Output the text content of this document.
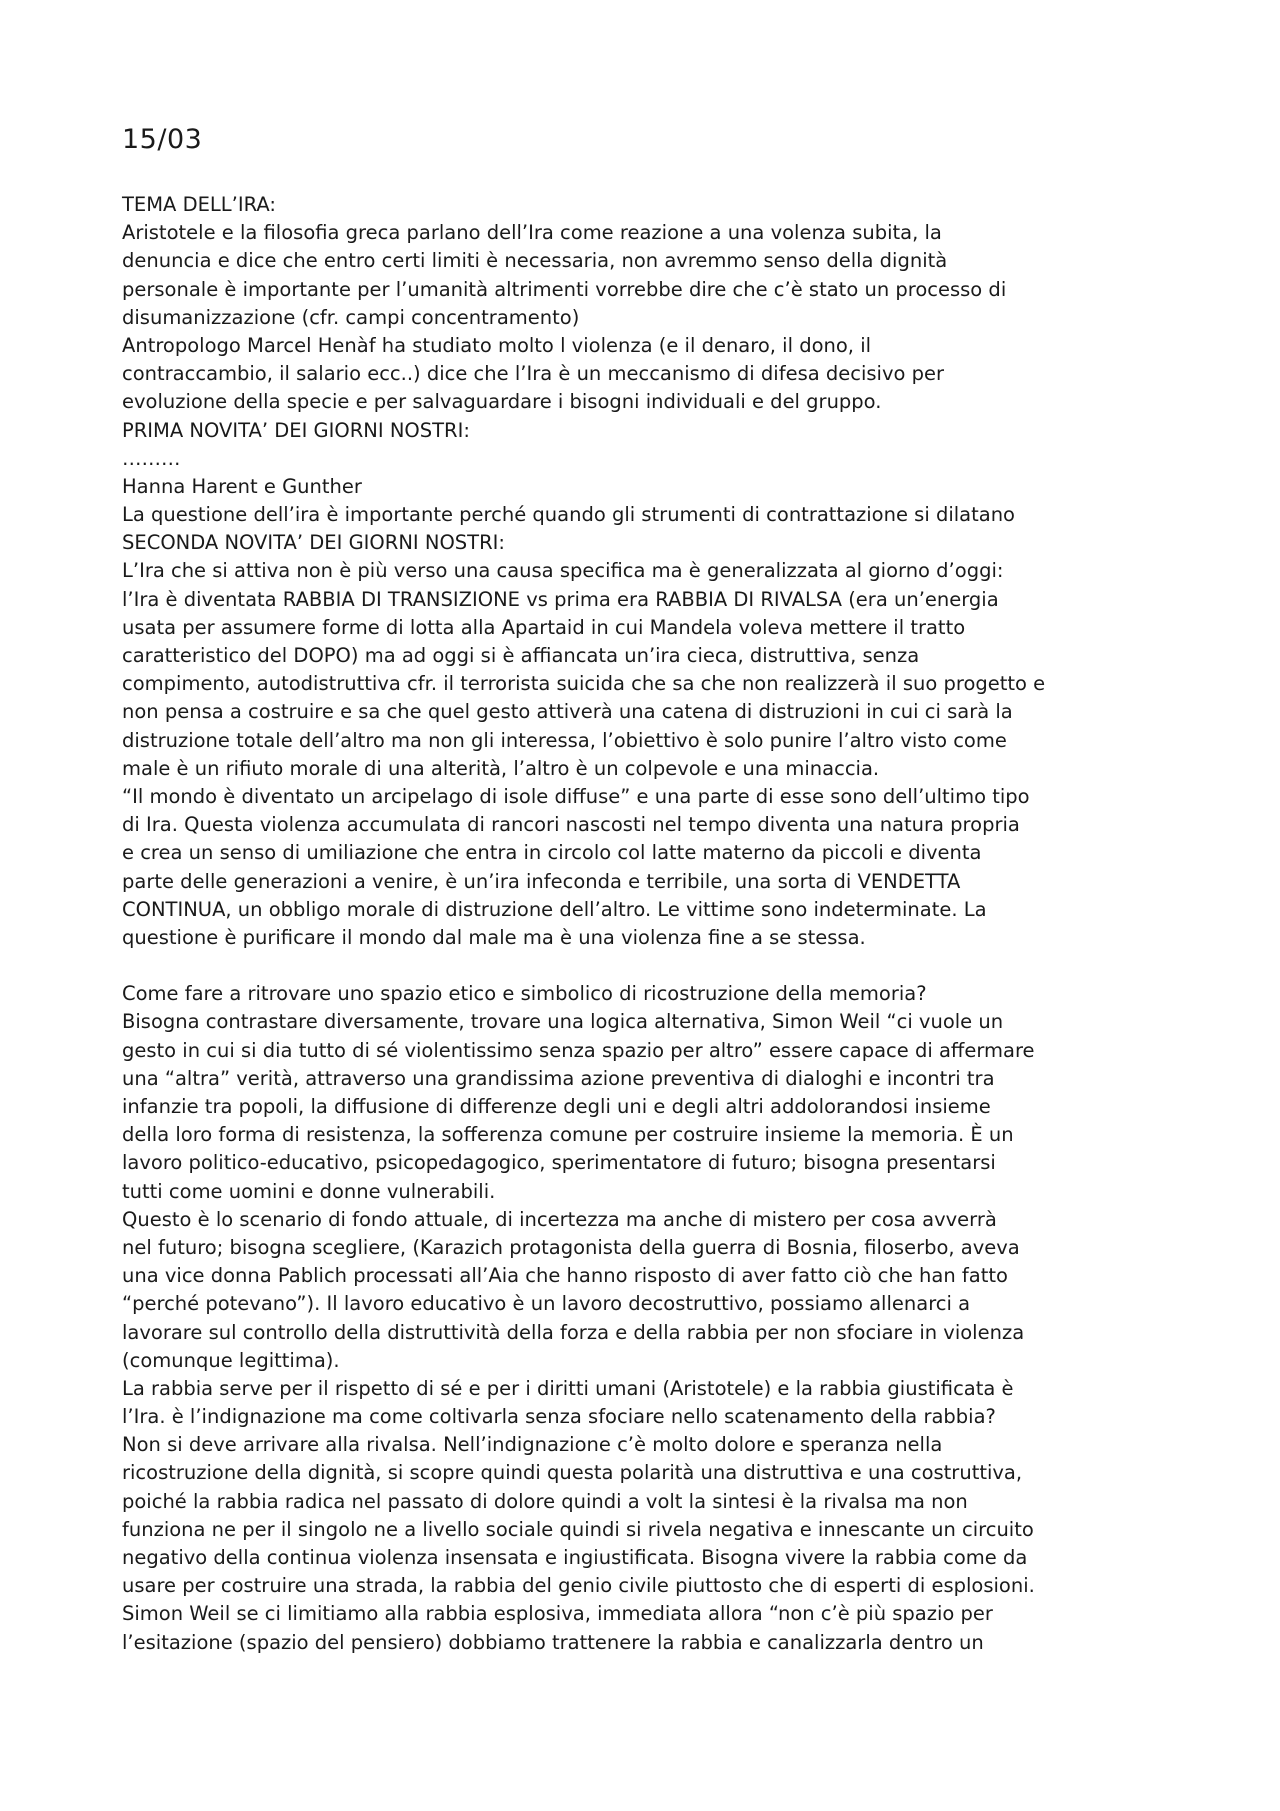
15/03
TEMA DELL’IRA:
Aristotele e la filosofia greca parlano dell’Ira come reazione a una volenza subita, la
denuncia e dice che entro certi limiti è necessaria, non avremmo senso della dignità
personale è importante per l’umanità altrimenti vorrebbe dire che c’è stato un processo di
disumanizzazione (cfr. campi concentramento)
Antropologo Marcel Henàf ha studiato molto l violenza (e il denaro, il dono, il
contraccambio, il salario ecc..) dice che l’Ira è un meccanismo di difesa decisivo per
evoluzione della specie e per salvaguardare i bisogni individuali e del gruppo.
PRIMA NOVITA’ DEI GIORNI NOSTRI:
………
Hanna Harent e Gunther
La questione dell’ira è importante perché quando gli strumenti di contrattazione si dilatano
SECONDA NOVITA’ DEI GIORNI NOSTRI:
L’Ira che si attiva non è più verso una causa specifica ma è generalizzata al giorno d’oggi:
l’Ira è diventata RABBIA DI TRANSIZIONE vs prima era RABBIA DI RIVALSA (era un’energia
usata per assumere forme di lotta alla Apartaid in cui Mandela voleva mettere il tratto
caratteristico del DOPO) ma ad oggi si è affiancata un’ira cieca, distruttiva, senza
compimento, autodistruttiva cfr. il terrorista suicida che sa che non realizzerà il suo progetto e
non pensa a costruire e sa che quel gesto attiverà una catena di distruzioni in cui ci sarà la
distruzione totale dell’altro ma non gli interessa, l’obiettivo è solo punire l’altro visto come
male è un rifiuto morale di una alterità, l’altro è un colpevole e una minaccia.
“Il mondo è diventato un arcipelago di isole diffuse” e una parte di esse sono dell’ultimo tipo
di Ira. Questa violenza accumulata di rancori nascosti nel tempo diventa una natura propria
e crea un senso di umiliazione che entra in circolo col latte materno da piccoli e diventa
parte delle generazioni a venire, è un’ira infeconda e terribile, una sorta di VENDETTA
CONTINUA, un obbligo morale di distruzione dell’altro. Le vittime sono indeterminate. La
questione è purificare il mondo dal male ma è una violenza fine a se stessa.
Come fare a ritrovare uno spazio etico e simbolico di ricostruzione della memoria?
Bisogna contrastare diversamente, trovare una logica alternativa, Simon Weil “ci vuole un
gesto in cui si dia tutto di sé violentissimo senza spazio per altro” essere capace di affermare
una “altra” verità, attraverso una grandissima azione preventiva di dialoghi e incontri tra
infanzie tra popoli, la diffusione di differenze degli uni e degli altri addolorandosi insieme
della loro forma di resistenza, la sofferenza comune per costruire insieme la memoria. È un
lavoro politico-educativo, psicopedagogico, sperimentatore di futuro; bisogna presentarsi
tutti come uomini e donne vulnerabili.
Questo è lo scenario di fondo attuale, di incertezza ma anche di mistero per cosa avverrà
nel futuro; bisogna scegliere, (Karazich protagonista della guerra di Bosnia, filoserbo, aveva
una vice donna Pablich processati all’Aia che hanno risposto di aver fatto ciò che han fatto
“perché potevano”). Il lavoro educativo è un lavoro decostruttivo, possiamo allenarci a
lavorare sul controllo della distruttività della forza e della rabbia per non sfociare in violenza
(comunque legittima).
La rabbia serve per il rispetto di sé e per i diritti umani (Aristotele) e la rabbia giustificata è
l’Ira. è l’indignazione ma come coltivarla senza sfociare nello scatenamento della rabbia?
Non si deve arrivare alla rivalsa. Nell’indignazione c’è molto dolore e speranza nella
ricostruzione della dignità, si scopre quindi questa polarità una distruttiva e una costruttiva,
poiché la rabbia radica nel passato di dolore quindi a volt la sintesi è la rivalsa ma non
funziona ne per il singolo ne a livello sociale quindi si rivela negativa e innescante un circuito
negativo della continua violenza insensata e ingiustificata. Bisogna vivere la rabbia come da
usare per costruire una strada, la rabbia del genio civile piuttosto che di esperti di esplosioni.
Simon Weil se ci limitiamo alla rabbia esplosiva, immediata allora “non c’è più spazio per
l’esitazione (spazio del pensiero) dobbiamo trattenere la rabbia e canalizzarla dentro un
